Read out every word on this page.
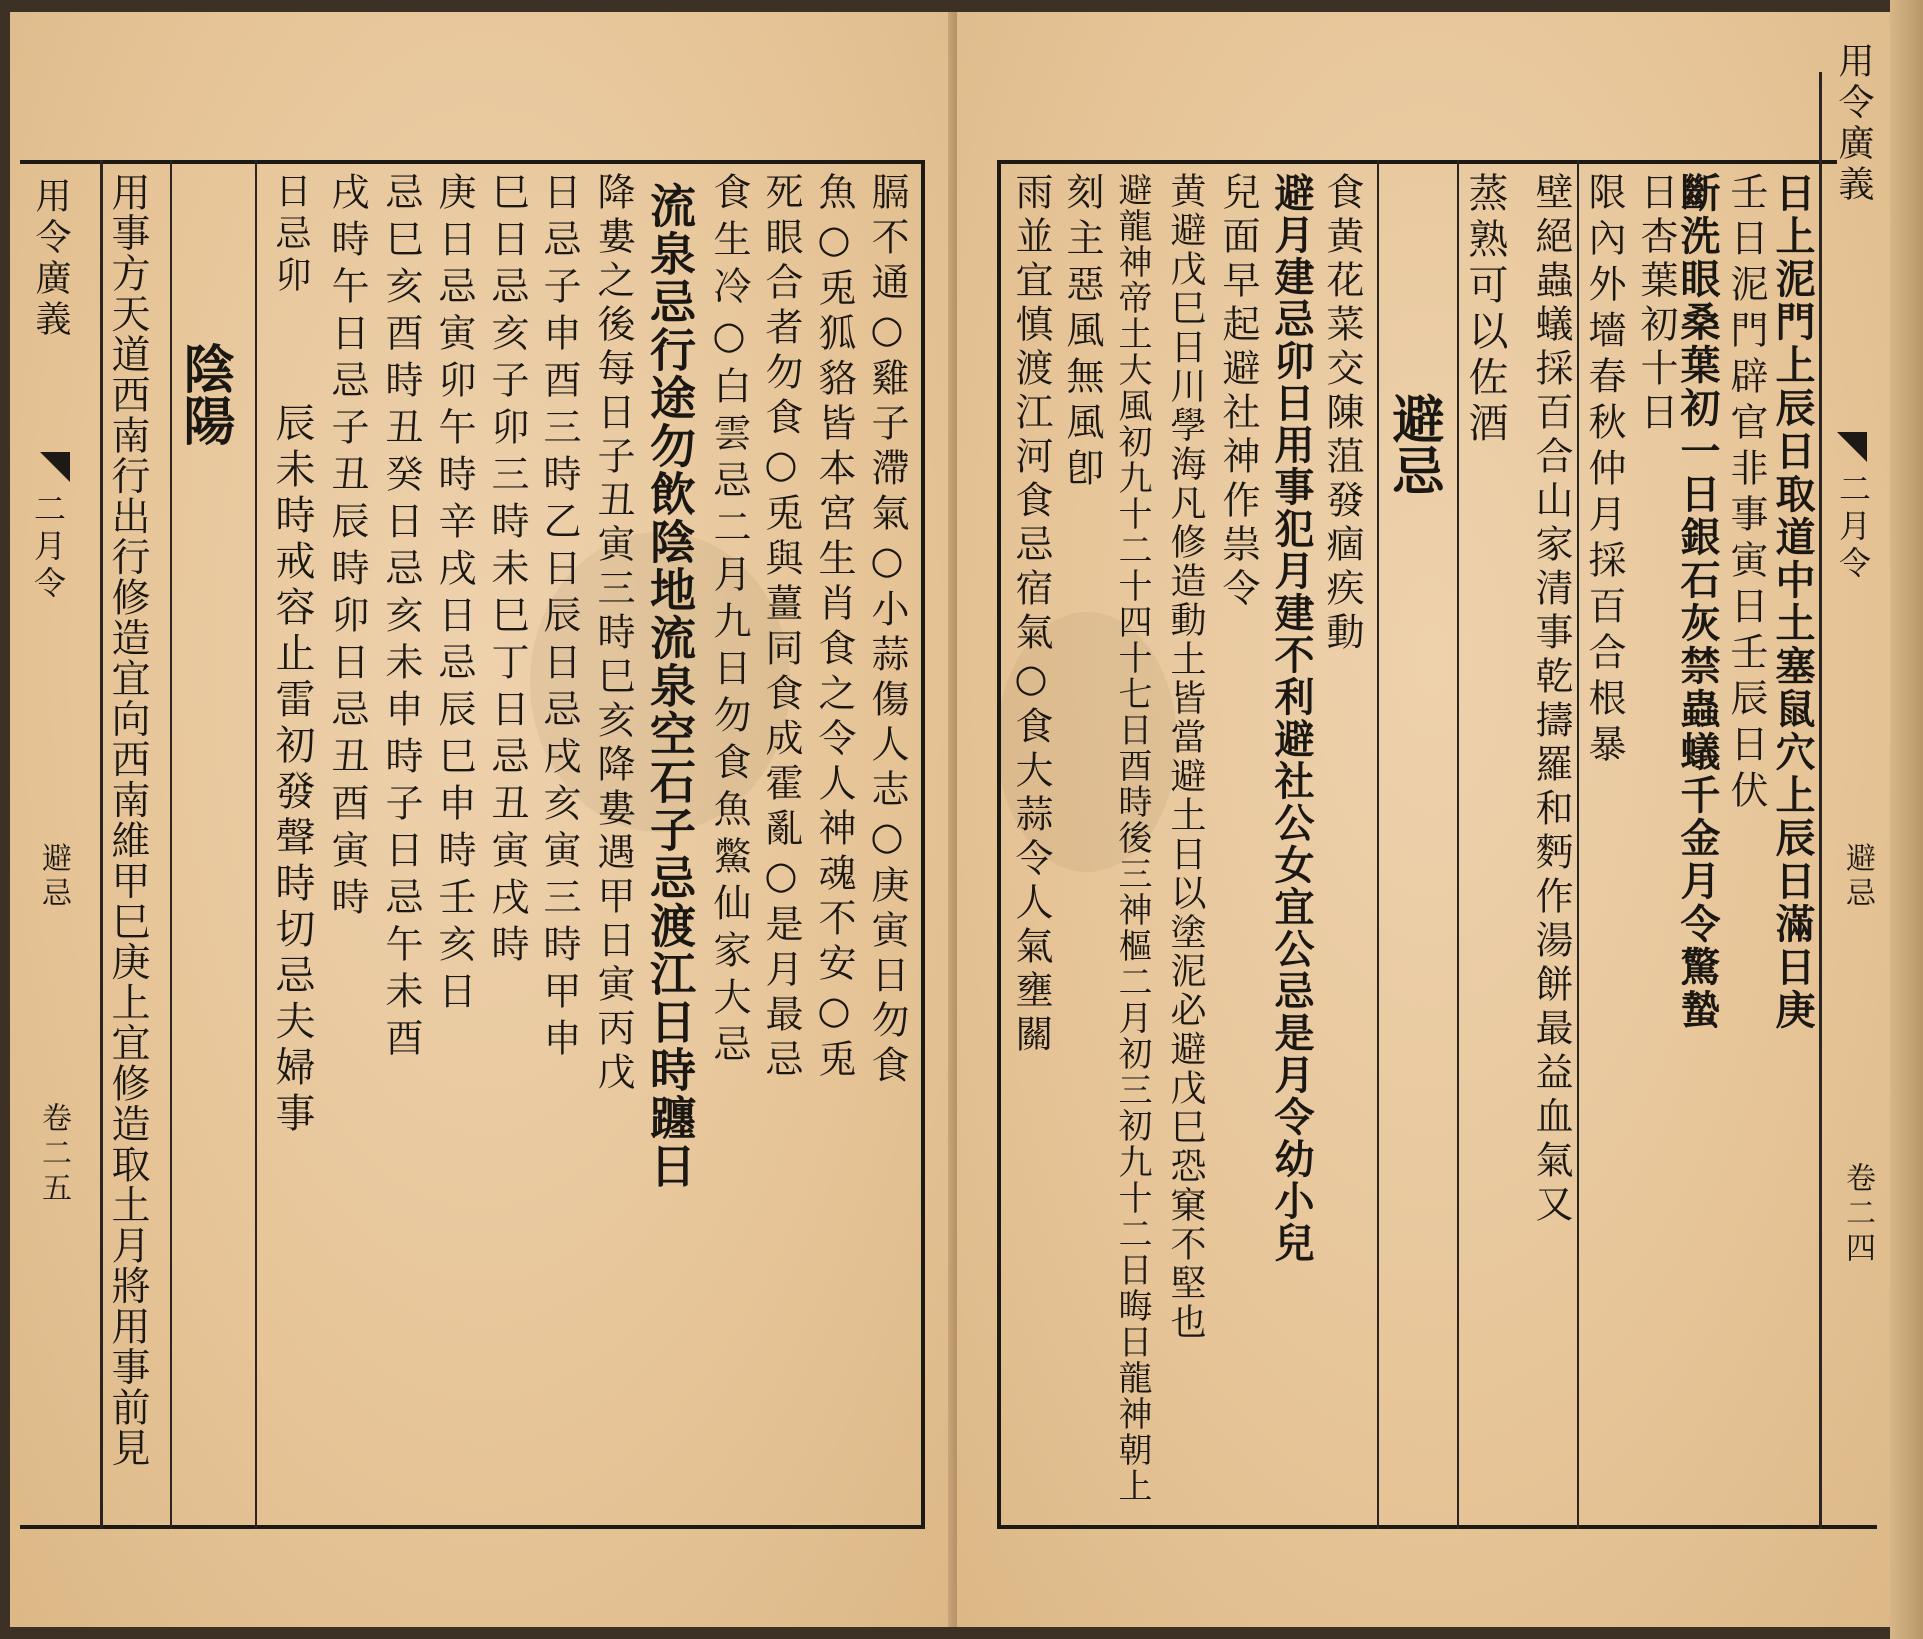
用令廣義
二月令
避忌
卷二五 用事方天道西南行出行修造宜向西南維甲巳庚上宜修造取土月將用事前見 陰陽
辰未時戒容止雷初發聲時切忌夫婦事
日忌卯 戌時午日忌子丑辰時卯日忌丑酉寅時 忌巳亥酉時丑癸日忌亥未申時子日忌午未酉 庚日忌寅卯午時辛戌日忌辰巳申時壬亥日 巳日忌亥子卯三時未巳丁日忌丑寅戌時 日忌子申酉三時乙日辰日忌戌亥寅三時甲申 降婁之後每日子丑寅三時巳亥降婁遇甲日寅丙戊 流泉忌行途勿飲陰地流泉空石子忌渡江日時躔日 食生冷○白雲忌二月九日勿食魚鱉仙家大忌 死眼合者勿食○兎與薑同食成霍亂○是月最忌 魚○兎狐貉皆本宮生肖食之令人神魂不安○兎 膈不通○雞子滯氣○小蒜傷人志○庚寅日勿食	雨並宜慎渡江河食忌宿氣○食大蒜令人氣壅關 刻主惡風無風卽 避龍神帝土大風初九十二十四十七日酉時後三神樞二月初三初九十二日晦日龍神朝上 黄避戊巳日川學海凡修造動土皆當避土日以塗泥必避戊巳恐窠不堅也 兒面早起避社神作祟令 避月建忌卯日用事犯月建不利避社公女宜公忌是月令幼小兒 食黄花菜交陳菹發痼疾動 避忌 蒸熟可以佐酒 壁絕蟲蟻採百合山家清事乾擣羅和麪作湯餅最益血氣又 限內外墻春秋仲月採百合根暴 日杏葉初十日
斷洗眼桑葉初一日銀石灰禁蟲蟻千金月令驚蟄 壬日泥門辟官非事寅日壬辰日伏 日上泥門上辰日取道中土塞鼠穴上辰日滿日庚
用令廣義
二月令
避忌
卷二四
